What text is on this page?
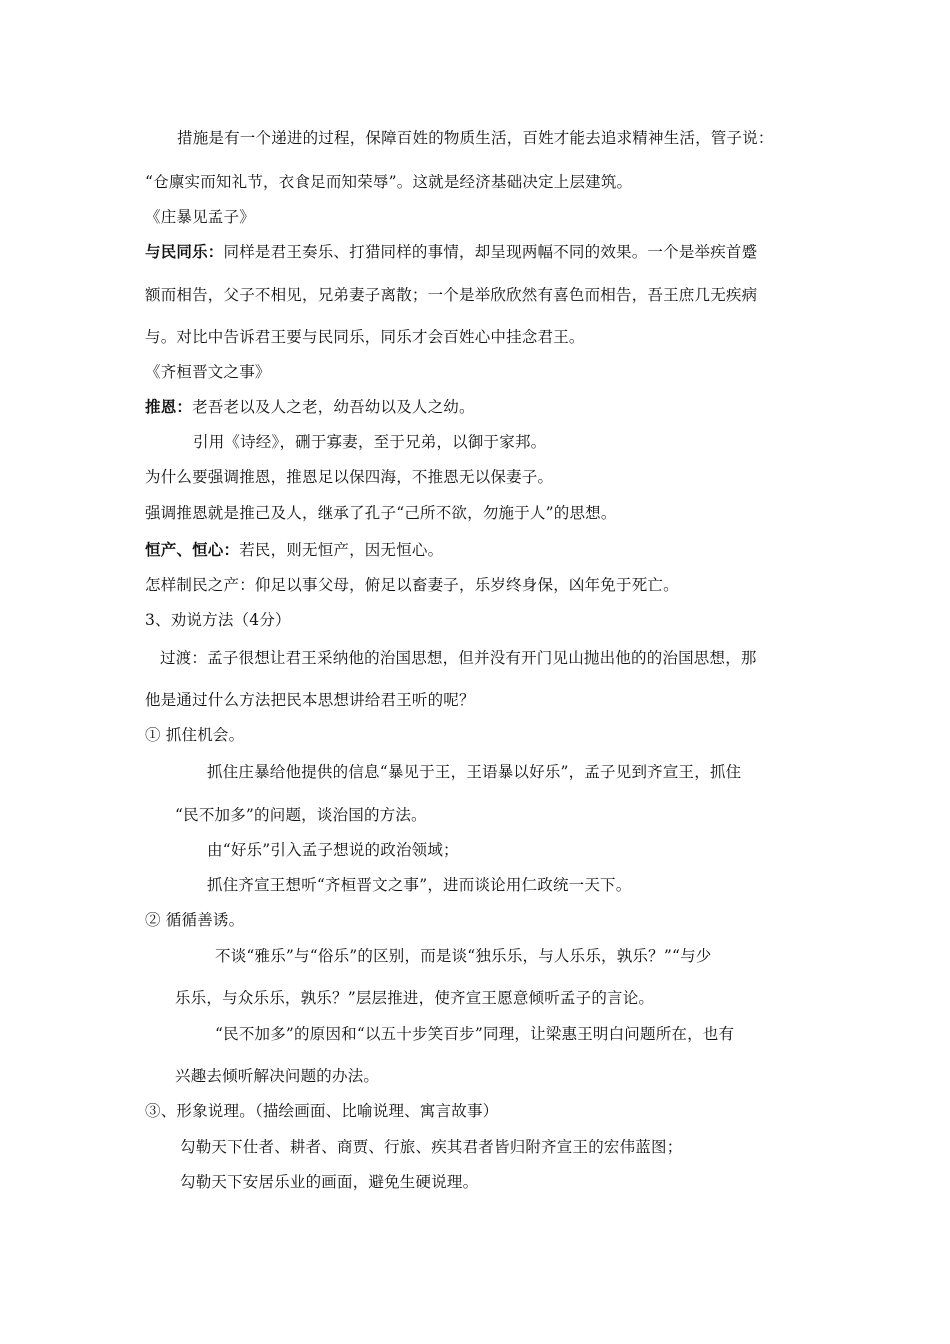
措施是有一个递进的过程，保障百姓的物质生活，百姓才能去追求精神生活，管子说：

“仓廪实而知礼节，衣食足而知荣辱”。这就是经济基础决定上层建筑。

《庄暴见孟子》

与民同乐：同样是君王奏乐、打猎同样的事情，却呈现两幅不同的效果。一个是举疾首蹙

额而相告，父子不相见，兄弟妻子离散；一个是举欣欣然有喜色而相告，吾王庶几无疾病

与。对比中告诉君王要与民同乐，同乐才会百姓心中挂念君王。

《齐桓晋文之事》

推恩：老吾老以及人之老，幼吾幼以及人之幼。

引用《诗经》，硎于寡妻，至于兄弟，以御于家邦。

为什么要强调推恩，推恩足以保四海，不推恩无以保妻子。

强调推恩就是推己及人，继承了孔子“己所不欲，勿施于人”的思想。

恒产、恒心：若民，则无恒产，因无恒心。

怎样制民之产：仰足以事父母，俯足以畜妻子，乐岁终身保，凶年免于死亡。

3、劝说方法（4分）

过渡：孟子很想让君王采纳他的治国思想，但并没有开门见山抛出他的的治国思想，那

他是通过什么方法把民本思想讲给君王听的呢？

① 抓住机会。

抓住庄暴给他提供的信息“暴见于王，王语暴以好乐”，孟子见到齐宣王，抓住

“民不加多”的问题，谈治国的方法。

由“好乐”引入孟子想说的政治领域；

抓住齐宣王想听“齐桓晋文之事”，进而谈论用仁政统一天下。

② 循循善诱。

不谈“雅乐”与“俗乐”的区别，而是谈“独乐乐，与人乐乐，孰乐？”“与少

乐乐，与众乐乐，孰乐？”层层推进，使齐宣王愿意倾听孟子的言论。

“民不加多”的原因和“以五十步笑百步”同理，让梁惠王明白问题所在，也有

兴趣去倾听解决问题的办法。

③、形象说理。（描绘画面、比喻说理、寓言故事）

勾勒天下仕者、耕者、商贾、行旅、疾其君者皆归附齐宣王的宏伟蓝图；

勾勒天下安居乐业的画面，避免生硬说理。
